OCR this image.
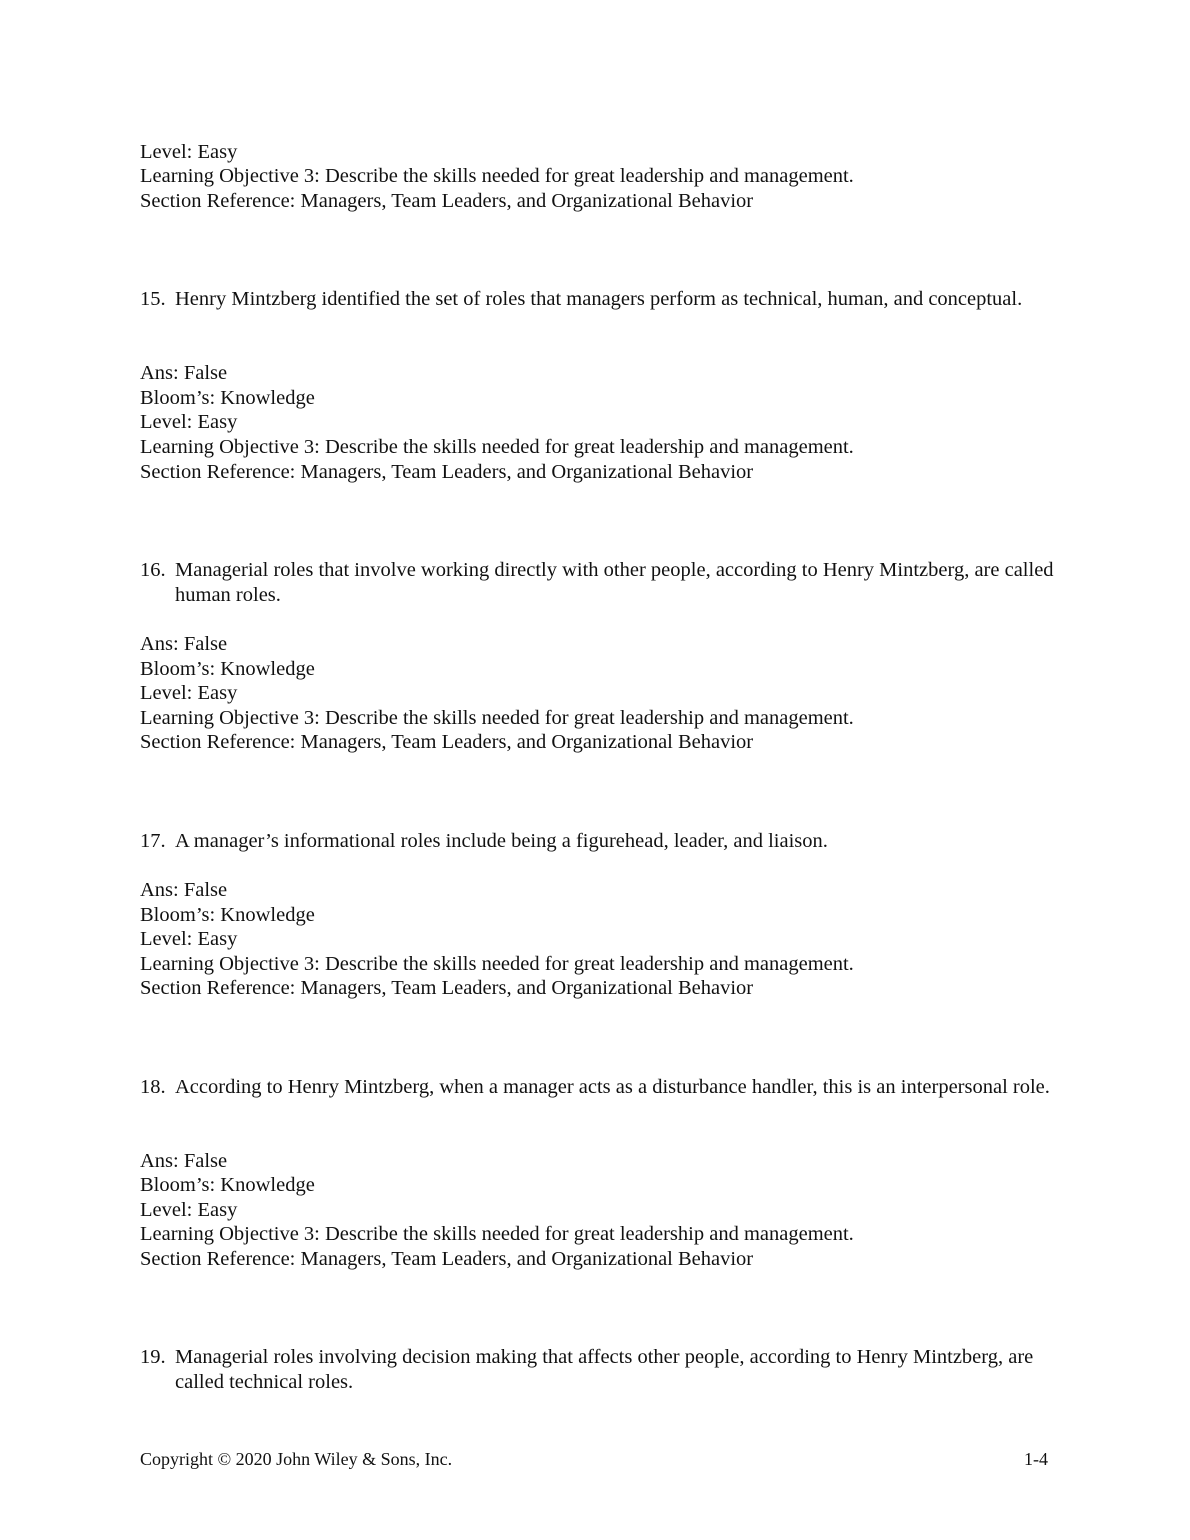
Level: Easy
Learning Objective 3: Describe the skills needed for great leadership and management.
Section Reference: Managers, Team Leaders, and Organizational Behavior
15. Henry Mintzberg identified the set of roles that managers perform as technical, human, and conceptual.
Ans: False
Bloom’s: Knowledge
Level: Easy
Learning Objective 3: Describe the skills needed for great leadership and management.
Section Reference: Managers, Team Leaders, and Organizational Behavior
16. Managerial roles that involve working directly with other people, according to Henry Mintzberg, are called human roles.
Ans: False
Bloom’s: Knowledge
Level: Easy
Learning Objective 3: Describe the skills needed for great leadership and management.
Section Reference: Managers, Team Leaders, and Organizational Behavior
17. A manager’s informational roles include being a figurehead, leader, and liaison.
Ans: False
Bloom’s: Knowledge
Level: Easy
Learning Objective 3: Describe the skills needed for great leadership and management.
Section Reference: Managers, Team Leaders, and Organizational Behavior
18. According to Henry Mintzberg, when a manager acts as a disturbance handler, this is an interpersonal role.
Ans: False
Bloom’s: Knowledge
Level: Easy
Learning Objective 3: Describe the skills needed for great leadership and management.
Section Reference: Managers, Team Leaders, and Organizational Behavior
19. Managerial roles involving decision making that affects other people, according to Henry Mintzberg, are called technical roles.
Copyright © 2020 John Wiley & Sons, Inc.	1-4
